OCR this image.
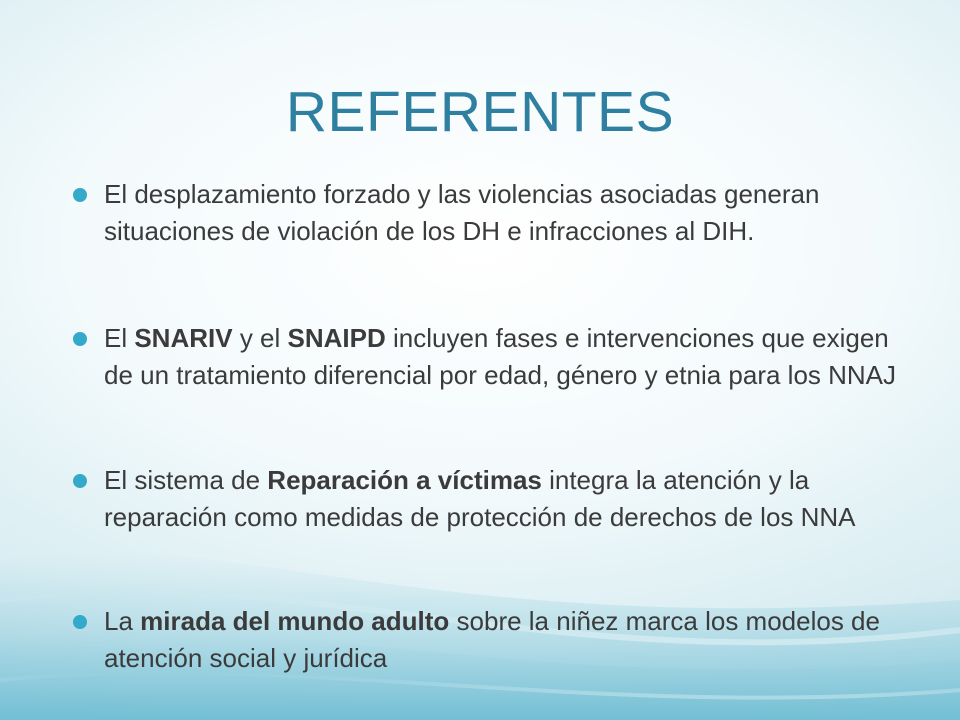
REFERENTES
El desplazamiento forzado y las violencias asociadas generan situaciones de violación de los DH e infracciones al DIH.
El SNARIV y el SNAIPD incluyen fases e intervenciones que exigen de un tratamiento diferencial por edad, género y etnia para los NNAJ
El sistema de Reparación a víctimas integra la atención y la reparación como medidas de protección de derechos de los NNA
La mirada del mundo adulto sobre la niñez marca los modelos de atención social y jurídica
